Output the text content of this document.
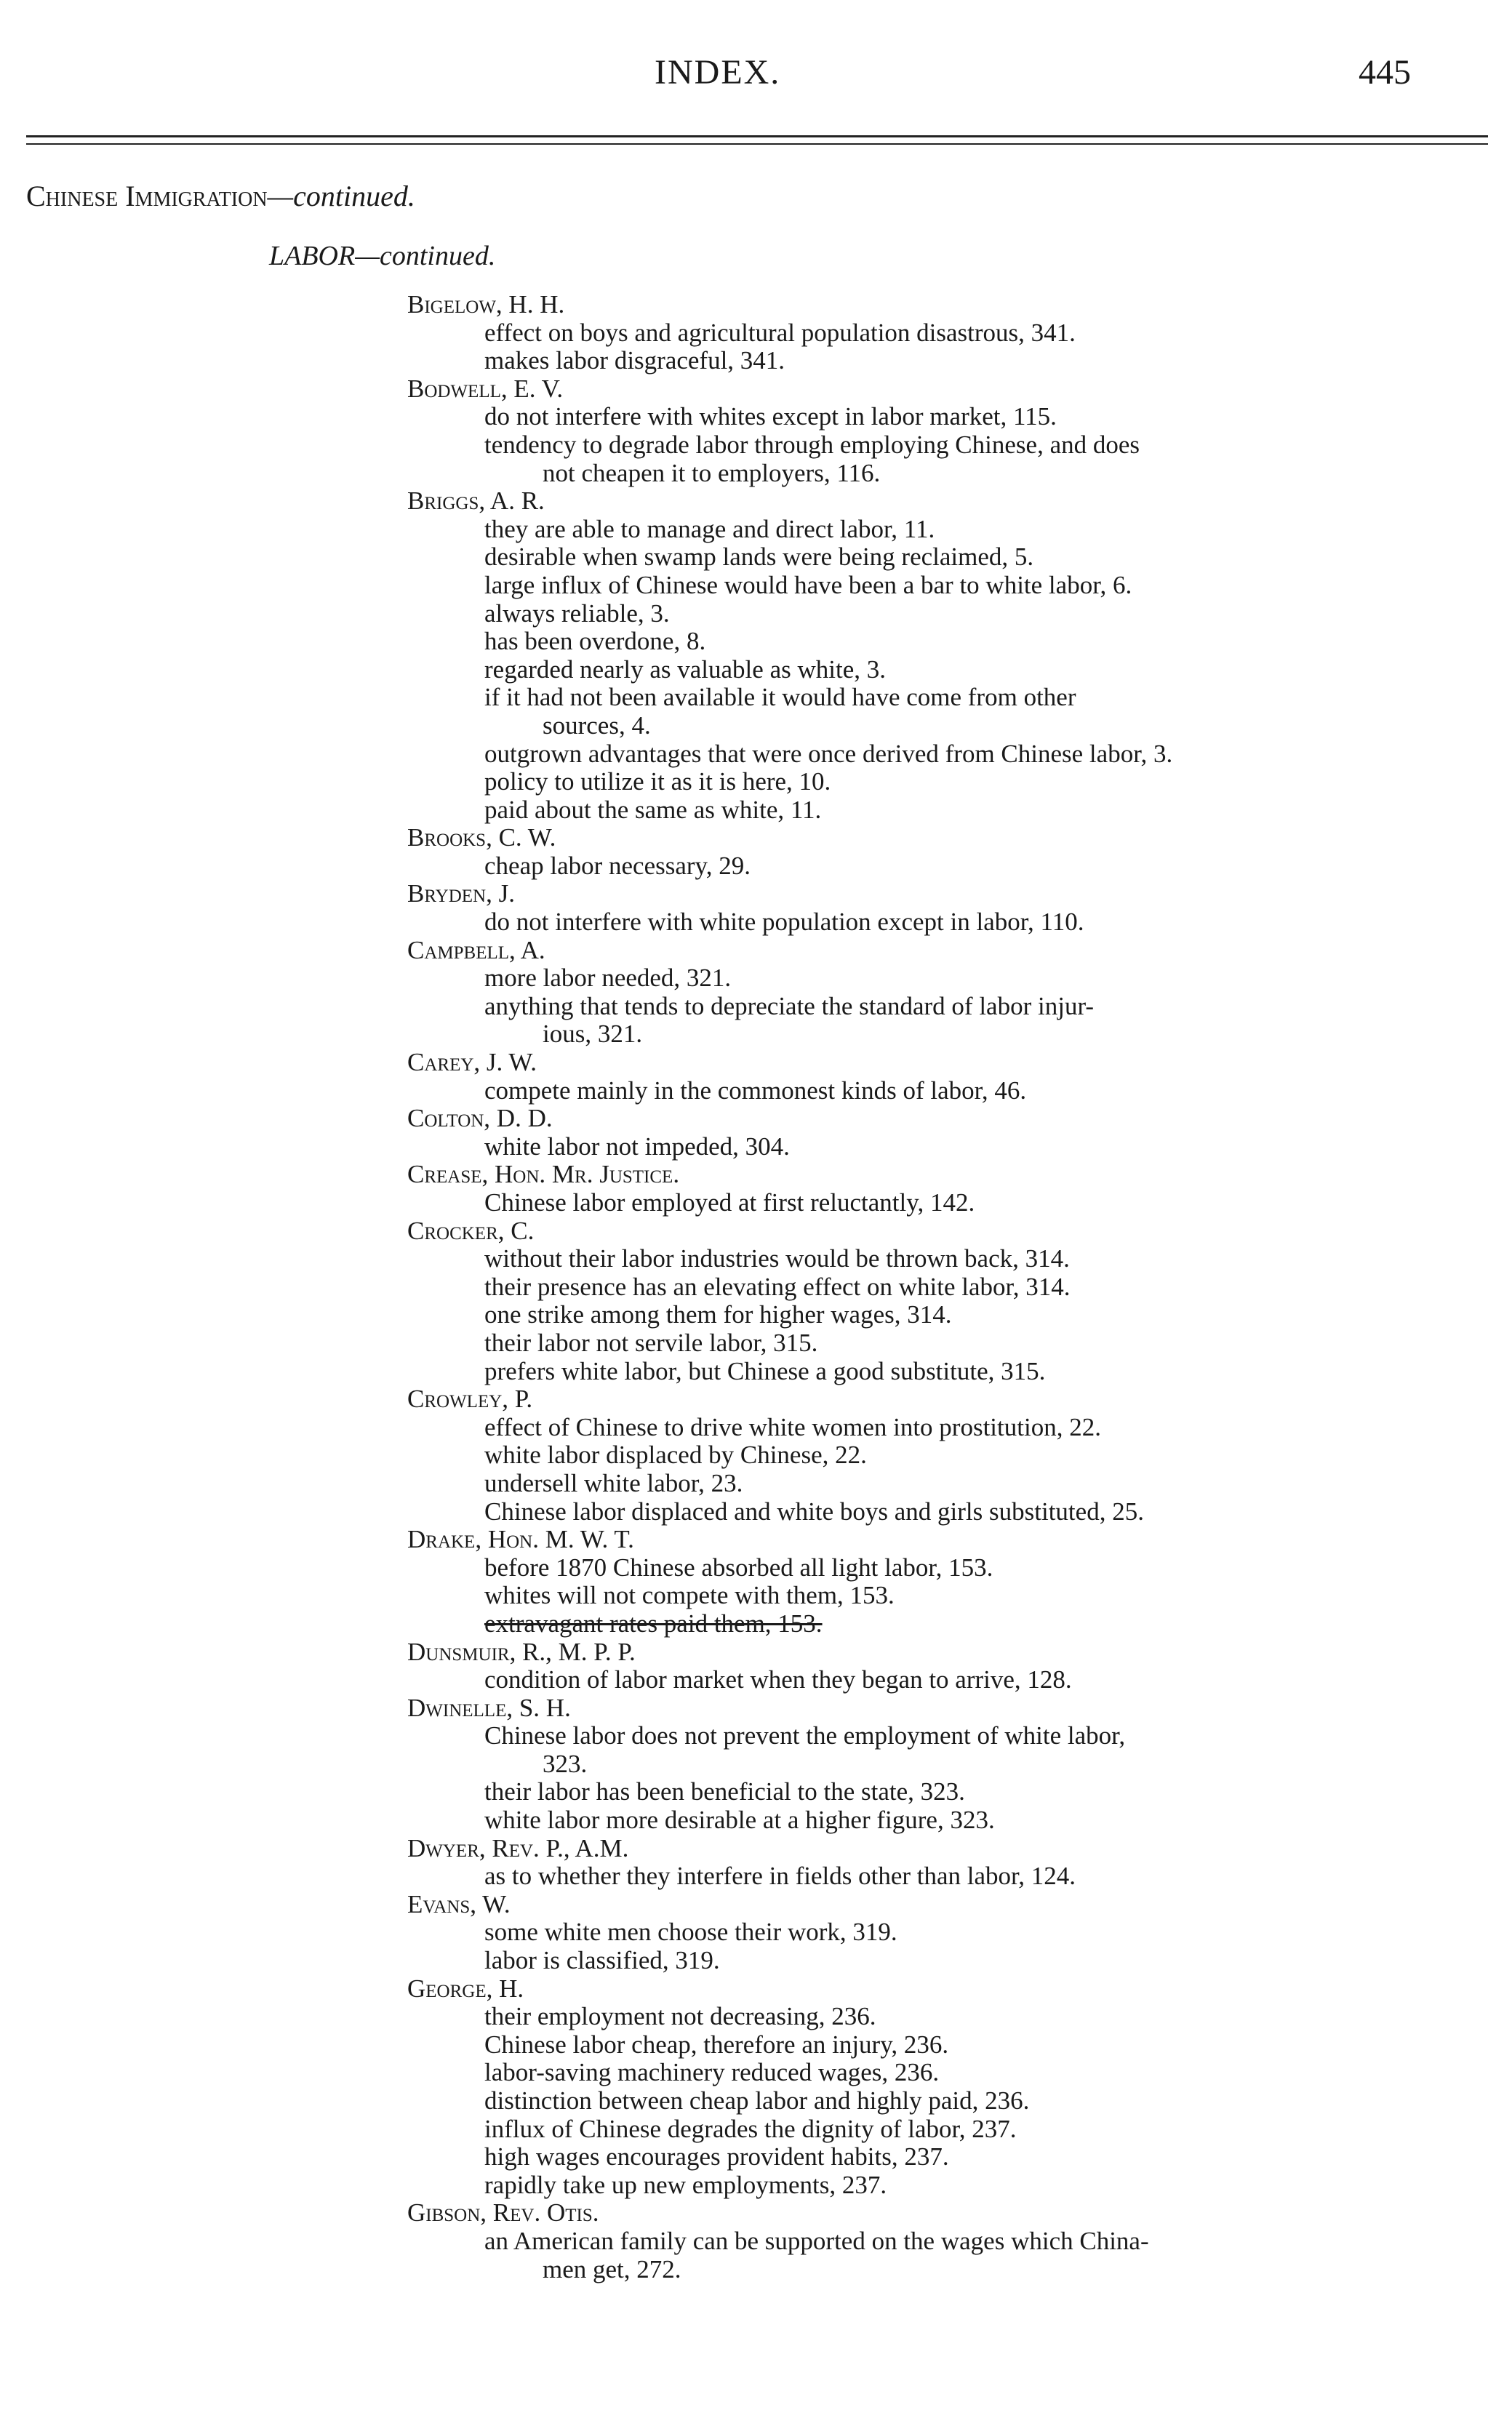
INDEX.	445
Chinese Immigration—continued.
LABOR—continued.
Bigelow, H. H.
effect on boys and agricultural population disastrous, 341.
makes labor disgraceful, 341.
Bodwell, E. V.
do not interfere with whites except in labor market, 115.
tendency to degrade labor through employing Chinese, and does
not cheapen it to employers, 116.
Briggs, A. R.
they are able to manage and direct labor, 11.
desirable when swamp lands were being reclaimed, 5.
large influx of Chinese would have been a bar to white labor, 6.
always reliable, 3.
has been overdone, 8.
regarded nearly as valuable as white, 3.
if it had not been available it would have come from other
sources, 4.
outgrown advantages that were once derived from Chinese labor, 3.
policy to utilize it as it is here, 10.
paid about the same as white, 11.
Brooks, C. W.
cheap labor necessary, 29.
Bryden, J.
do not interfere with white population except in labor, 110.
Campbell, A.
more labor needed, 321.
anything that tends to depreciate the standard of labor injur-
ious, 321.
Carey, J. W.
compete mainly in the commonest kinds of labor, 46.
Colton, D. D.
white labor not impeded, 304.
Crease, Hon. Mr. Justice.
Chinese labor employed at first reluctantly, 142.
Crocker, C.
without their labor industries would be thrown back, 314.
their presence has an elevating effect on white labor, 314.
one strike among them for higher wages, 314.
their labor not servile labor, 315.
prefers white labor, but Chinese a good substitute, 315.
Crowley, P.
effect of Chinese to drive white women into prostitution, 22.
white labor displaced by Chinese, 22.
undersell white labor, 23.
Chinese labor displaced and white boys and girls substituted, 25.
Drake, Hon. M. W. T.
before 1870 Chinese absorbed all light labor, 153.
whites will not compete with them, 153.
extravagant rates paid them, 153.
Dunsmuir, R., M. P. P.
condition of labor market when they began to arrive, 128.
Dwinelle, S. H.
Chinese labor does not prevent the employment of white labor,
323.
their labor has been beneficial to the state, 323.
white labor more desirable at a higher figure, 323.
Dwyer, Rev. P., A.M.
as to whether they interfere in fields other than labor, 124.
Evans, W.
some white men choose their work, 319.
labor is classified, 319.
George, H.
their employment not decreasing, 236.
Chinese labor cheap, therefore an injury, 236.
labor-saving machinery reduced wages, 236.
distinction between cheap labor and highly paid, 236.
influx of Chinese degrades the dignity of labor, 237.
high wages encourages provident habits, 237.
rapidly take up new employments, 237.
Gibson, Rev. Otis.
an American family can be supported on the wages which China-
men get, 272.
